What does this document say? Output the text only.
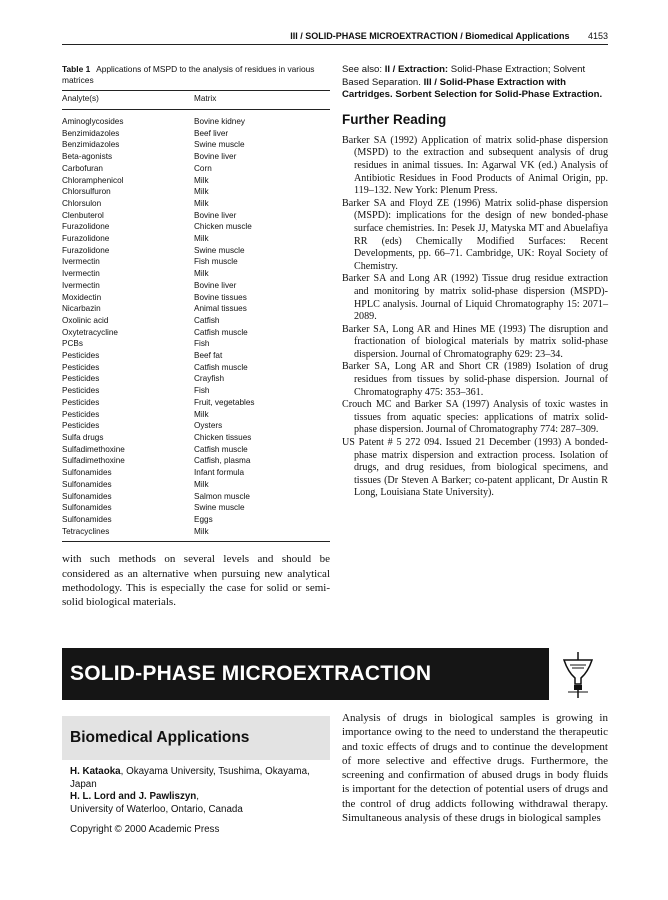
III / SOLID-PHASE MICROEXTRACTION / Biomedical Applications 4153

Table 1 Applications of MSPD to the analysis of residues in various matrices

Analyte(s)	Matrix
Aminoglycosides	Bovine kidney
Benzimidazoles	Beef liver
Benzimidazoles	Swine muscle
Beta-agonists	Bovine liver
Carbofuran	Corn
Chloramphenicol	Milk
Chlorsulfuron	Milk
Chlorsulon	Milk
Clenbuterol	Bovine liver
Furazolidone	Chicken muscle
Furazolidone	Milk
Furazolidone	Swine muscle
Ivermectin	Fish muscle
Ivermectin	Milk
Ivermectin	Bovine liver
Moxidectin	Bovine tissues
Nicarbazin	Animal tissues
Oxolinic acid	Catfish
Oxytetracycline	Catfish muscle
PCBs	Fish
Pesticides	Beef fat
Pesticides	Catfish muscle
Pesticides	Crayfish
Pesticides	Fish
Pesticides	Fruit, vegetables
Pesticides	Milk
Pesticides	Oysters
Sulfa drugs	Chicken tissues
Sulfadimethoxine	Catfish muscle
Sulfadimethoxine	Catfish, plasma
Sulfonamides	Infant formula
Sulfonamides	Milk
Sulfonamides	Salmon muscle
Sulfonamides	Swine muscle
Sulfonamides	Eggs
Tetracyclines	Milk

with such methods on several levels and should be considered as an alternative when pursuing new analytical methodology. This is especially the case for solid or semi-solid biological materials.

See also: II / Extraction: Solid-Phase Extraction; Solvent Based Separation. III / Solid-Phase Extraction with Cartridges. Sorbent Selection for Solid-Phase Extraction.

Further Reading

Barker SA (1992) Application of matrix solid-phase dispersion (MSPD) to the extraction and subsequent analysis of drug residues in animal tissues. In: Agarwal VK (ed.) Analysis of Antibiotic Residues in Food Products of Animal Origin, pp. 119–132. New York: Plenum Press.

Barker SA and Floyd ZE (1996) Matrix solid-phase dispersion (MSPD): implications for the design of new bonded-phase surface chemistries. In: Pesek JJ, Matyska MT and Abuelafiya RR (eds) Chemically Modified Surfaces: Recent Developments, pp. 66–71. Cambridge, UK: Royal Society of Chemistry.

Barker SA and Long AR (1992) Tissue drug residue extraction and monitoring by matrix solid-phase dispersion (MSPD)-HPLC analysis. Journal of Liquid Chromatography 15: 2071–2089.

Barker SA, Long AR and Hines ME (1993) The disruption and fractionation of biological materials by matrix solid-phase dispersion. Journal of Chromatography 629: 23–34.

Barker SA, Long AR and Short CR (1989) Isolation of drug residues from tissues by solid-phase dispersion. Journal of Chromatography 475: 353–361.

Crouch MC and Barker SA (1997) Analysis of toxic wastes in tissues from aquatic species: applications of matrix solid-phase dispersion. Journal of Chromatography 774: 287–309.

US Patent # 5 272 094. Issued 21 December (1993) A bonded-phase matrix dispersion and extraction process. Isolation of drugs, and drug residues, from biological specimens, and tissues (Dr Steven A Barker; co-patent applicant, Dr Austin R Long, Louisiana State University).

SOLID-PHASE MICROEXTRACTION
Biomedical Applications

H. Kataoka, Okayama University, Tsushima, Okayama, Japan

H. L. Lord and J. Pawliszyn,

University of Waterloo, Ontario, Canada

Copyright © 2000 Academic Press

Analysis of drugs in biological samples is growing in importance owing to the need to understand the therapeutic and toxic effects of drugs and to continue the development of more selective and effective drugs. Furthermore, the screening and confirmation of abused drugs in body fluids is important for the detection of potential users of drugs and the control of drug addicts following withdrawal therapy. Simultaneous analysis of these drugs in biological samples
